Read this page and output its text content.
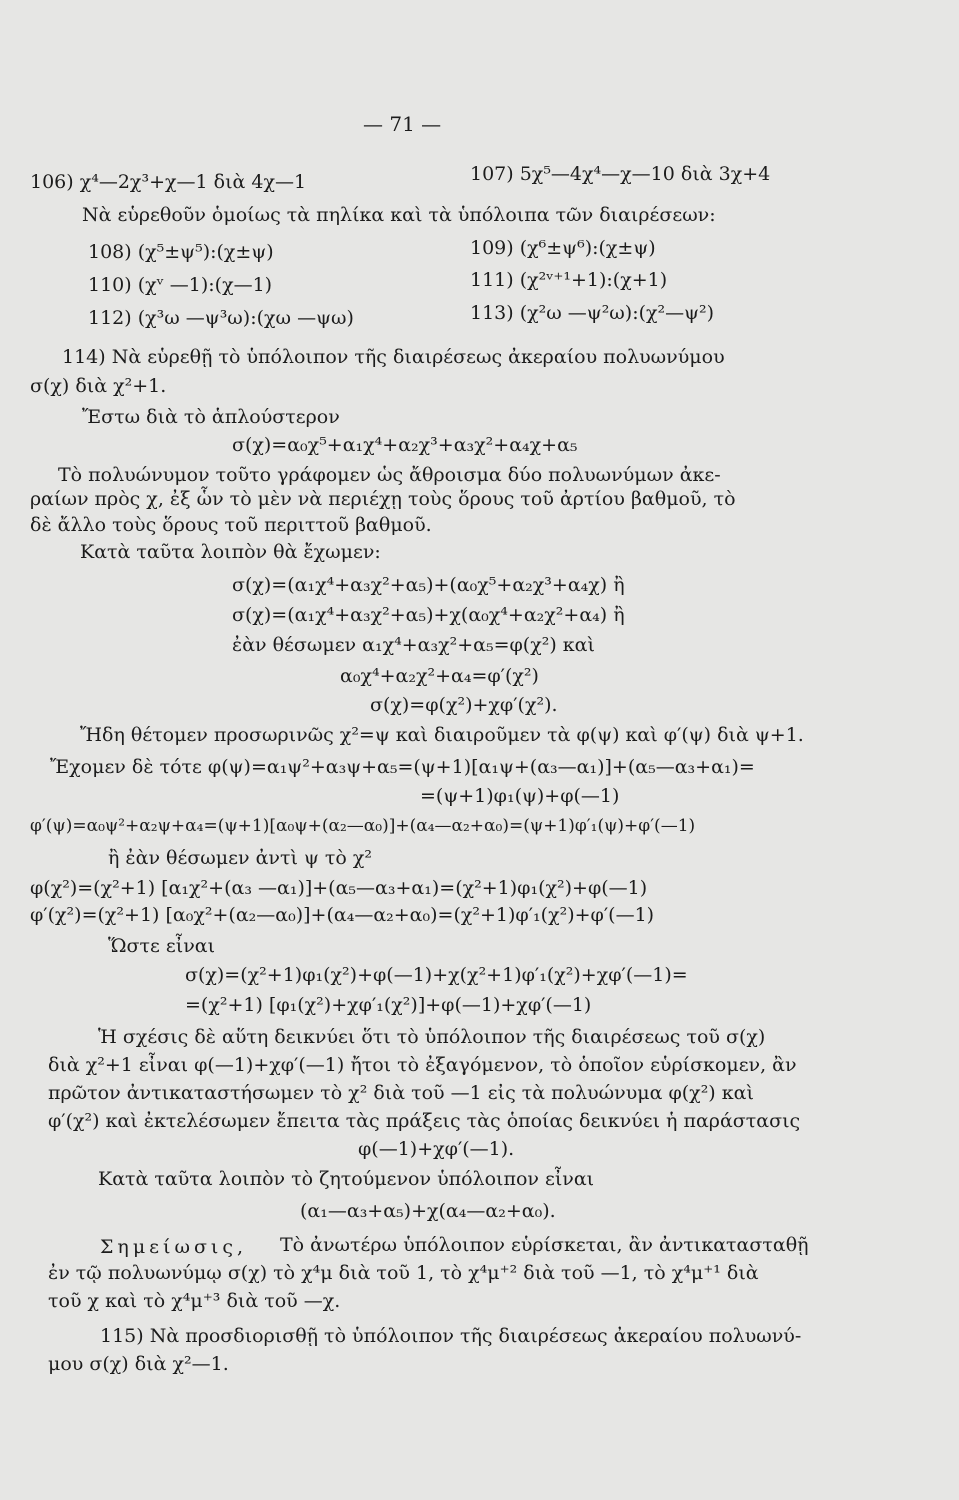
— 71 —
106) χ⁴—2χ³+χ—1 διὰ 4χ—1	107) 5χ⁵—4χ⁴—χ—10 διὰ 3χ+4
Νὰ εὑρεθοῦν ὁμοίως τὰ πηλίκα καὶ τὰ ὑπόλοιπα τῶν διαιρέσεων:
108) (χ⁵±ψ⁵):(χ±ψ)	109) (χ⁶±ψ⁶):(χ±ψ)
110) (χᵛ —1):(χ—1)	111) (χ²ᵛ⁺¹+1):(χ+1)
112) (χ³ω —ψ³ω):(χω —ψω)	113) (χ²ω —ψ²ω):(χ²—ψ²)
114) Νὰ εὑρεθῇ τὸ ὑπόλοιπον τῆς διαιρέσεως ἀκεραίου πολυωνύμου
σ(χ) διὰ χ²+1.
Ἔστω διὰ τὸ ἁπλούστερον
σ(χ)=α₀χ⁵+α₁χ⁴+α₂χ³+α₃χ²+α₄χ+α₅
Τὸ πολυώνυμον τοῦτο γράφομεν ὡς ἄθροισμα δύο πολυωνύμων ἀκε-
ραίων πρὸς χ, ἐξ ὧν τὸ μὲν νὰ περιέχῃ τοὺς ὅρους τοῦ ἀρτίου βαθμοῦ, τὸ
δὲ ἄλλο τοὺς ὅρους τοῦ περιττοῦ βαθμοῦ.
Κατὰ ταῦτα λοιπὸν θὰ ἔχωμεν:
σ(χ)=(α₁χ⁴+α₃χ²+α₅)+(α₀χ⁵+α₂χ³+α₄χ) ἢ
σ(χ)=(α₁χ⁴+α₃χ²+α₅)+χ(α₀χ⁴+α₂χ²+α₄) ἢ
ἐὰν θέσωμεν α₁χ⁴+α₃χ²+α₅=φ(χ²) καὶ
α₀χ⁴+α₂χ²+α₄=φ′(χ²)
σ(χ)=φ(χ²)+χφ′(χ²).
Ἤδη θέτομεν προσωρινῶς χ²=ψ καὶ διαιροῦμεν τὰ φ(ψ) καὶ φ′(ψ) διὰ ψ+1.
Ἔχομεν δὲ τότε φ(ψ)=α₁ψ²+α₃ψ+α₅=(ψ+1)[α₁ψ+(α₃—α₁)]+(α₅—α₃+α₁)=
=(ψ+1)φ₁(ψ)+φ(—1)
φ′(ψ)=α₀ψ²+α₂ψ+α₄=(ψ+1)[α₀ψ+(α₂—α₀)]+(α₄—α₂+α₀)=(ψ+1)φ′₁(ψ)+φ′(—1)
ἢ ἐὰν θέσωμεν ἀντὶ ψ τὸ χ²
φ(χ²)=(χ²+1) [α₁χ²+(α₃ —α₁)]+(α₅—α₃+α₁)=(χ²+1)φ₁(χ²)+φ(—1)
φ′(χ²)=(χ²+1) [α₀χ²+(α₂—α₀)]+(α₄—α₂+α₀)=(χ²+1)φ′₁(χ²)+φ′(—1)
Ὥστε εἶναι
σ(χ)=(χ²+1)φ₁(χ²)+φ(—1)+χ(χ²+1)φ′₁(χ²)+χφ′(—1)=
=(χ²+1) [φ₁(χ²)+χφ′₁(χ²)]+φ(—1)+χφ′(—1)
Ἡ σχέσις δὲ αὕτη δεικνύει ὅτι τὸ ὑπόλοιπον τῆς διαιρέσεως τοῦ σ(χ)
διὰ χ²+1 εἶναι φ(—1)+χφ′(—1) ἤτοι τὸ ἐξαγόμενον, τὸ ὁποῖον εὑρίσκομεν, ἂν
πρῶτον ἀντικαταστήσωμεν τὸ χ² διὰ τοῦ —1 εἰς τὰ πολυώνυμα φ(χ²) καὶ
φ′(χ²) καὶ ἐκτελέσωμεν ἔπειτα τὰς πράξεις τὰς ὁποίας δεικνύει ἡ παράστασις
φ(—1)+χφ′(—1).
Κατὰ ταῦτα λοιπὸν τὸ ζητούμενον ὑπόλοιπον εἶναι
(α₁—α₃+α₅)+χ(α₄—α₂+α₀).
Σημείωσις, Τὸ ἀνωτέρω ὑπόλοιπον εὑρίσκεται, ἂν ἀντικατασταθῇ
ἐν τῷ πολυωνύμῳ σ(χ) τὸ χ⁴μ διὰ τοῦ 1, τὸ χ⁴μ⁺² διὰ τοῦ —1, τὸ χ⁴μ⁺¹ διὰ
τοῦ χ καὶ τὸ χ⁴μ⁺³ διὰ τοῦ —χ.
115) Νὰ προσδιορισθῇ τὸ ὑπόλοιπον τῆς διαιρέσεως ἀκεραίου πολυωνύ-
μου σ(χ) διὰ χ²—1.
